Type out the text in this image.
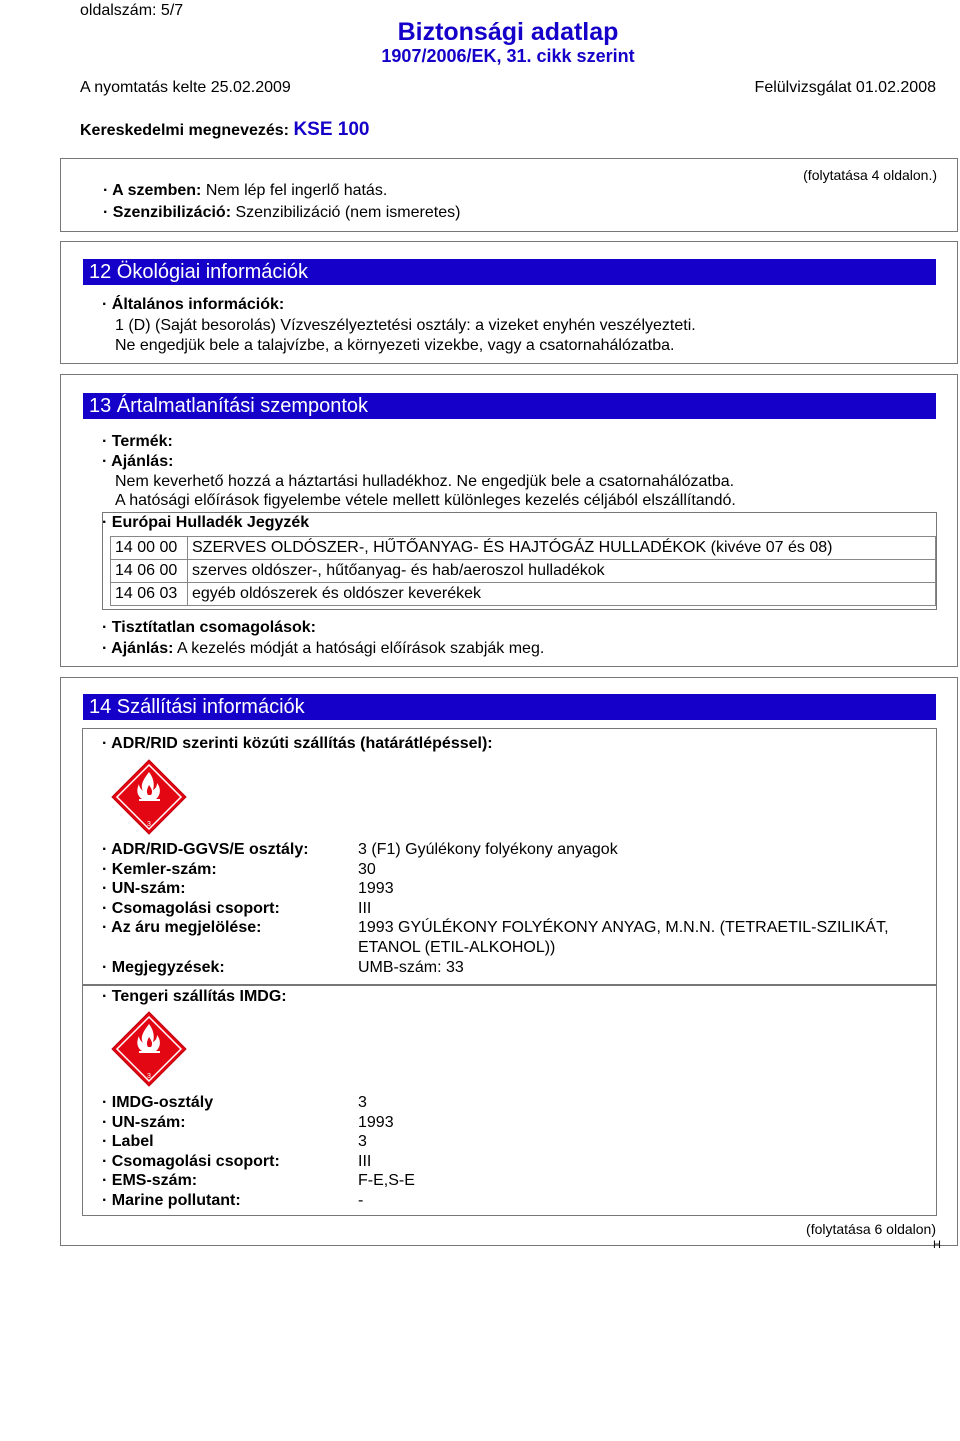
oldalszám: 5/7
Biztonsági adatlap
1907/2006/EK, 31. cikk szerint
A nyomtatás kelte 25.02.2009	Felülvizsgálat 01.02.2008
Kereskedelmi megnevezés: KSE 100
(folytatása 4 oldalon.)
· A szemben: Nem lép fel ingerlő hatás.
· Szenzibilizáció: Szenzibilizáció (nem ismeretes)
12 Ökológiai információk
· Általános információk:
1 (D) (Saját besorolás) Vízveszélyeztetési osztály: a vizeket enyhén veszélyezteti.
Ne engedjük bele a talajvízbe, a környezeti vizekbe, vagy a csatornahálózatba.
13 Ártalmatlanítási szempontok
· Termék:
· Ajánlás:
Nem keverhető hozzá a háztartási hulladékhoz. Ne engedjük bele a csatornahálózatba.
A hatósági előírások figyelembe vétele mellett különleges kezelés céljából elszállítandó.
· Európai Hulladék Jegyzék
14 00 00	SZERVES OLDÓSZER-, HŰTŐANYAG- ÉS HAJTÓGÁZ HULLADÉKOK (kivéve 07 és 08)
14 06 00	szerves oldószer-, hűtőanyag- és hab/aeroszol hulladékok
14 06 03	egyéb oldószerek és oldószer keverékek
· Tisztítatlan csomagolások:
· Ajánlás: A kezelés módját a hatósági előírások szabják meg.
14 Szállítási információk
· ADR/RID szerinti közúti szállítás (határátlépéssel):
3
· ADR/RID-GGVS/E osztály:	3 (F1) Gyúlékony folyékony anyagok
· Kemler-szám:	30
· UN-szám:	1993
· Csomagolási csoport:	III
· Az áru megjelölése:	1993 GYÚLÉKONY FOLYÉKONY ANYAG, M.N.N. (TETRAETIL-SZILIKÁT,
ETANOL (ETIL-ALKOHOL))
· Megjegyzések:	UMB-szám: 33
· Tengeri szállítás IMDG:
3
· IMDG-osztály	3
· UN-szám:	1993
· Label	3
· Csomagolási csoport:	III
· EMS-szám:	F-E,S-E
· Marine pollutant:	-
(folytatása 6 oldalon)
H
